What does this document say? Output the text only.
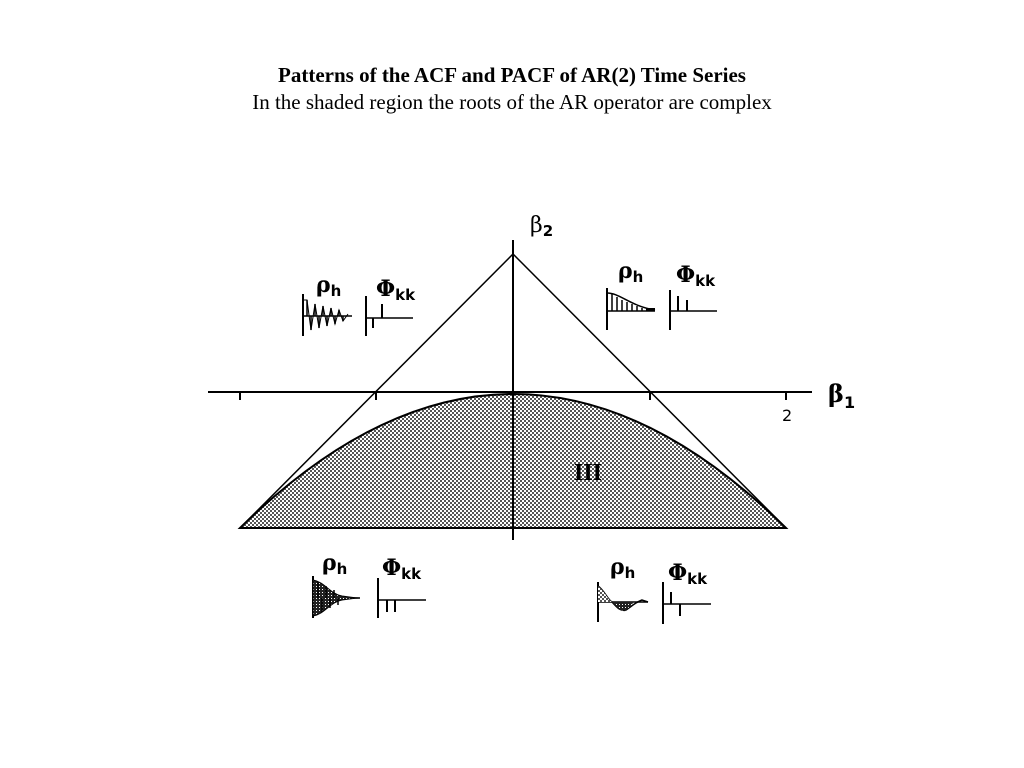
Patterns of the ACF and PACF of AR(2) Time Series
In the shaded region the roots of the AR operator are complex
β2
$\beta_1$
2
III
ρh Φkk
ρh Φkk
ρh Φkk	ρh Φkk
